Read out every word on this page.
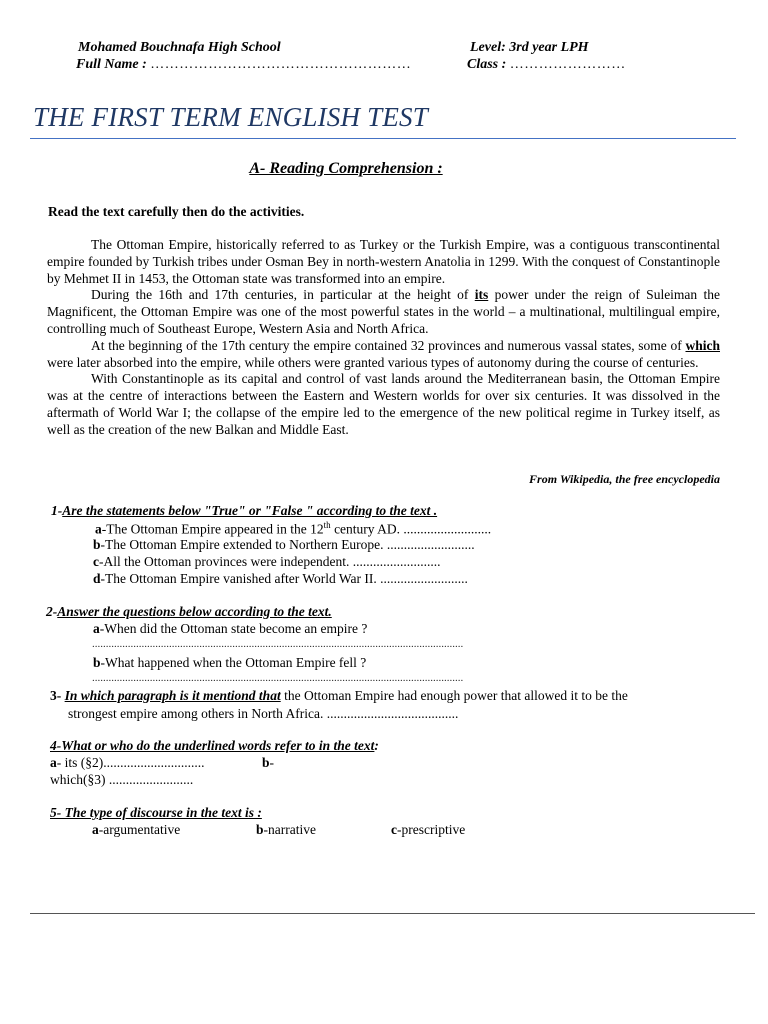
Mohamed Bouchnafa High School	Level: 3rd year LPH
Full Name : ………………………………………………	Class : ……………………
THE FIRST TERM ENGLISH TEST
A- Reading Comprehension :
Read the text carefully then do the activities.

The Ottoman Empire, historically referred to as Turkey or the Turkish Empire, was a contiguous transcontinental empire founded by Turkish tribes under Osman Bey in north-western Anatolia in 1299. With the conquest of Constantinople by Mehmet II in 1453, the Ottoman state was transformed into an empire.

During the 16th and 17th centuries, in particular at the height of its power under the reign of Suleiman the Magnificent, the Ottoman Empire was one of the most powerful states in the world – a multinational, multilingual empire, controlling much of Southeast Europe, Western Asia and North Africa.

At the beginning of the 17th century the empire contained 32 provinces and numerous vassal states, some of which were later absorbed into the empire, while others were granted various types of autonomy during the course of centuries.

With Constantinople as its capital and control of vast lands around the Mediterranean basin, the Ottoman Empire was at the centre of interactions between the Eastern and Western worlds for over six centuries. It was dissolved in the aftermath of World War I; the collapse of the empire led to the emergence of the new political regime in Turkey itself, as well as the creation of the new Balkan and Middle East.

From Wikipedia, the free encyclopedia
1-Are the statements below "True" or "False " according to the text .
a-The Ottoman Empire appeared in the 12th century AD. ..........................
b-The Ottoman Empire extended to Northern Europe. ..........................
c-All the Ottoman provinces were independent. ..........................
d-The Ottoman Empire vanished after World War II. ..........................
2-Answer the questions below according to the text.
a-When did the Ottoman state become an empire ?
.......................................................................................................................................
b-What happened when the Ottoman Empire fell ?
.......................................................................................................................................
3- In which paragraph is it mentiond that the Ottoman Empire had enough power that allowed it to be the
strongest empire among others in North Africa. .......................................
4-What or who do the underlined words refer to in the text:
a- its (§2)..............................	b-
which(§3) .........................
5- The type of discourse in the text is :
a-argumentative	b-narrative	c-prescriptive
